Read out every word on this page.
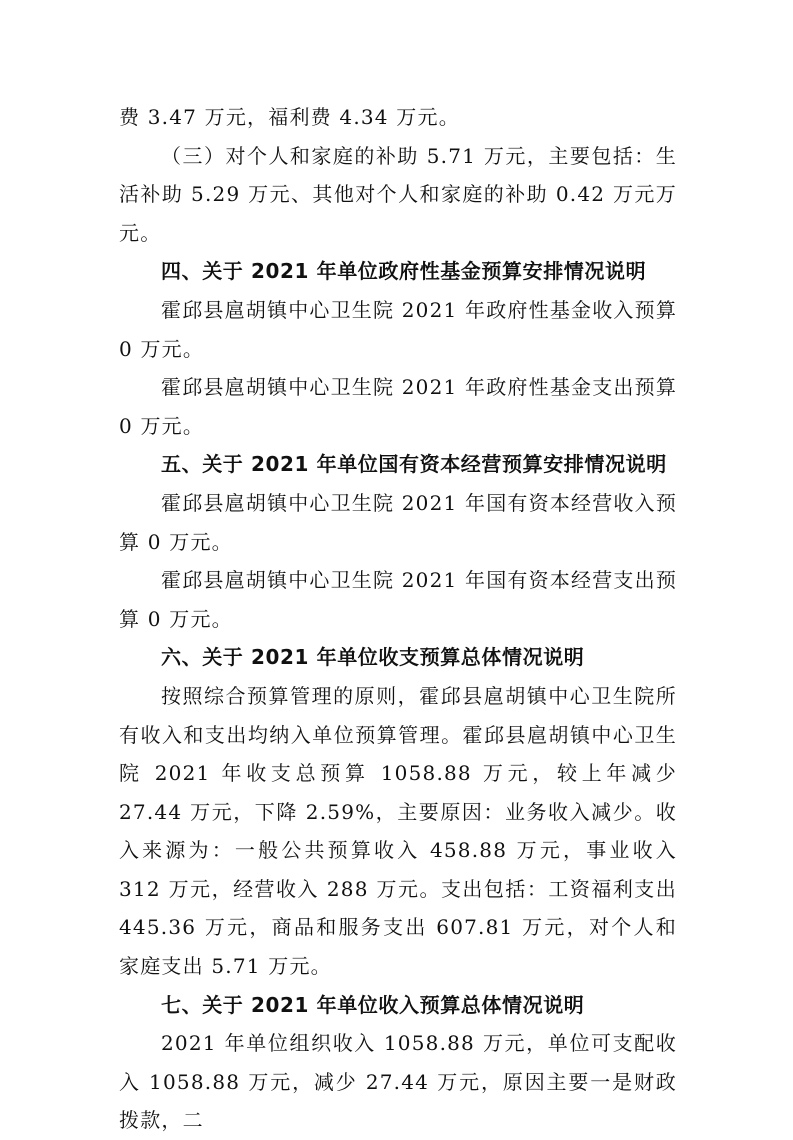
费 3.47 万元，福利费 4.34 万元。

（三）对个人和家庭的补助 5.71 万元，主要包括：生活补助 5.29 万元、其他对个人和家庭的补助 0.42 万元万元。

四、关于 2021 年单位政府性基金预算安排情况说明

霍邱县扈胡镇中心卫生院 2021 年政府性基金收入预算 0 万元。

霍邱县扈胡镇中心卫生院 2021 年政府性基金支出预算 0 万元。

五、关于 2021 年单位国有资本经营预算安排情况说明

霍邱县扈胡镇中心卫生院 2021 年国有资本经营收入预算 0 万元。

霍邱县扈胡镇中心卫生院 2021 年国有资本经营支出预算 0 万元。

六、关于 2021 年单位收支预算总体情况说明

按照综合预算管理的原则，霍邱县扈胡镇中心卫生院所有收入和支出均纳入单位预算管理。霍邱县扈胡镇中心卫生院 2021 年收支总预算 1058.88 万元，较上年减少 27.44 万元，下降 2.59%，主要原因：业务收入减少。收入来源为：一般公共预算收入 458.88 万元，事业收入 312 万元，经营收入 288 万元。支出包括：工资福利支出 445.36 万元，商品和服务支出 607.81 万元，对个人和家庭支出 5.71 万元。

七、关于 2021 年单位收入预算总体情况说明

2021 年单位组织收入 1058.88 万元，单位可支配收入 1058.88 万元，减少 27.44 万元，原因主要一是财政拨款，二
